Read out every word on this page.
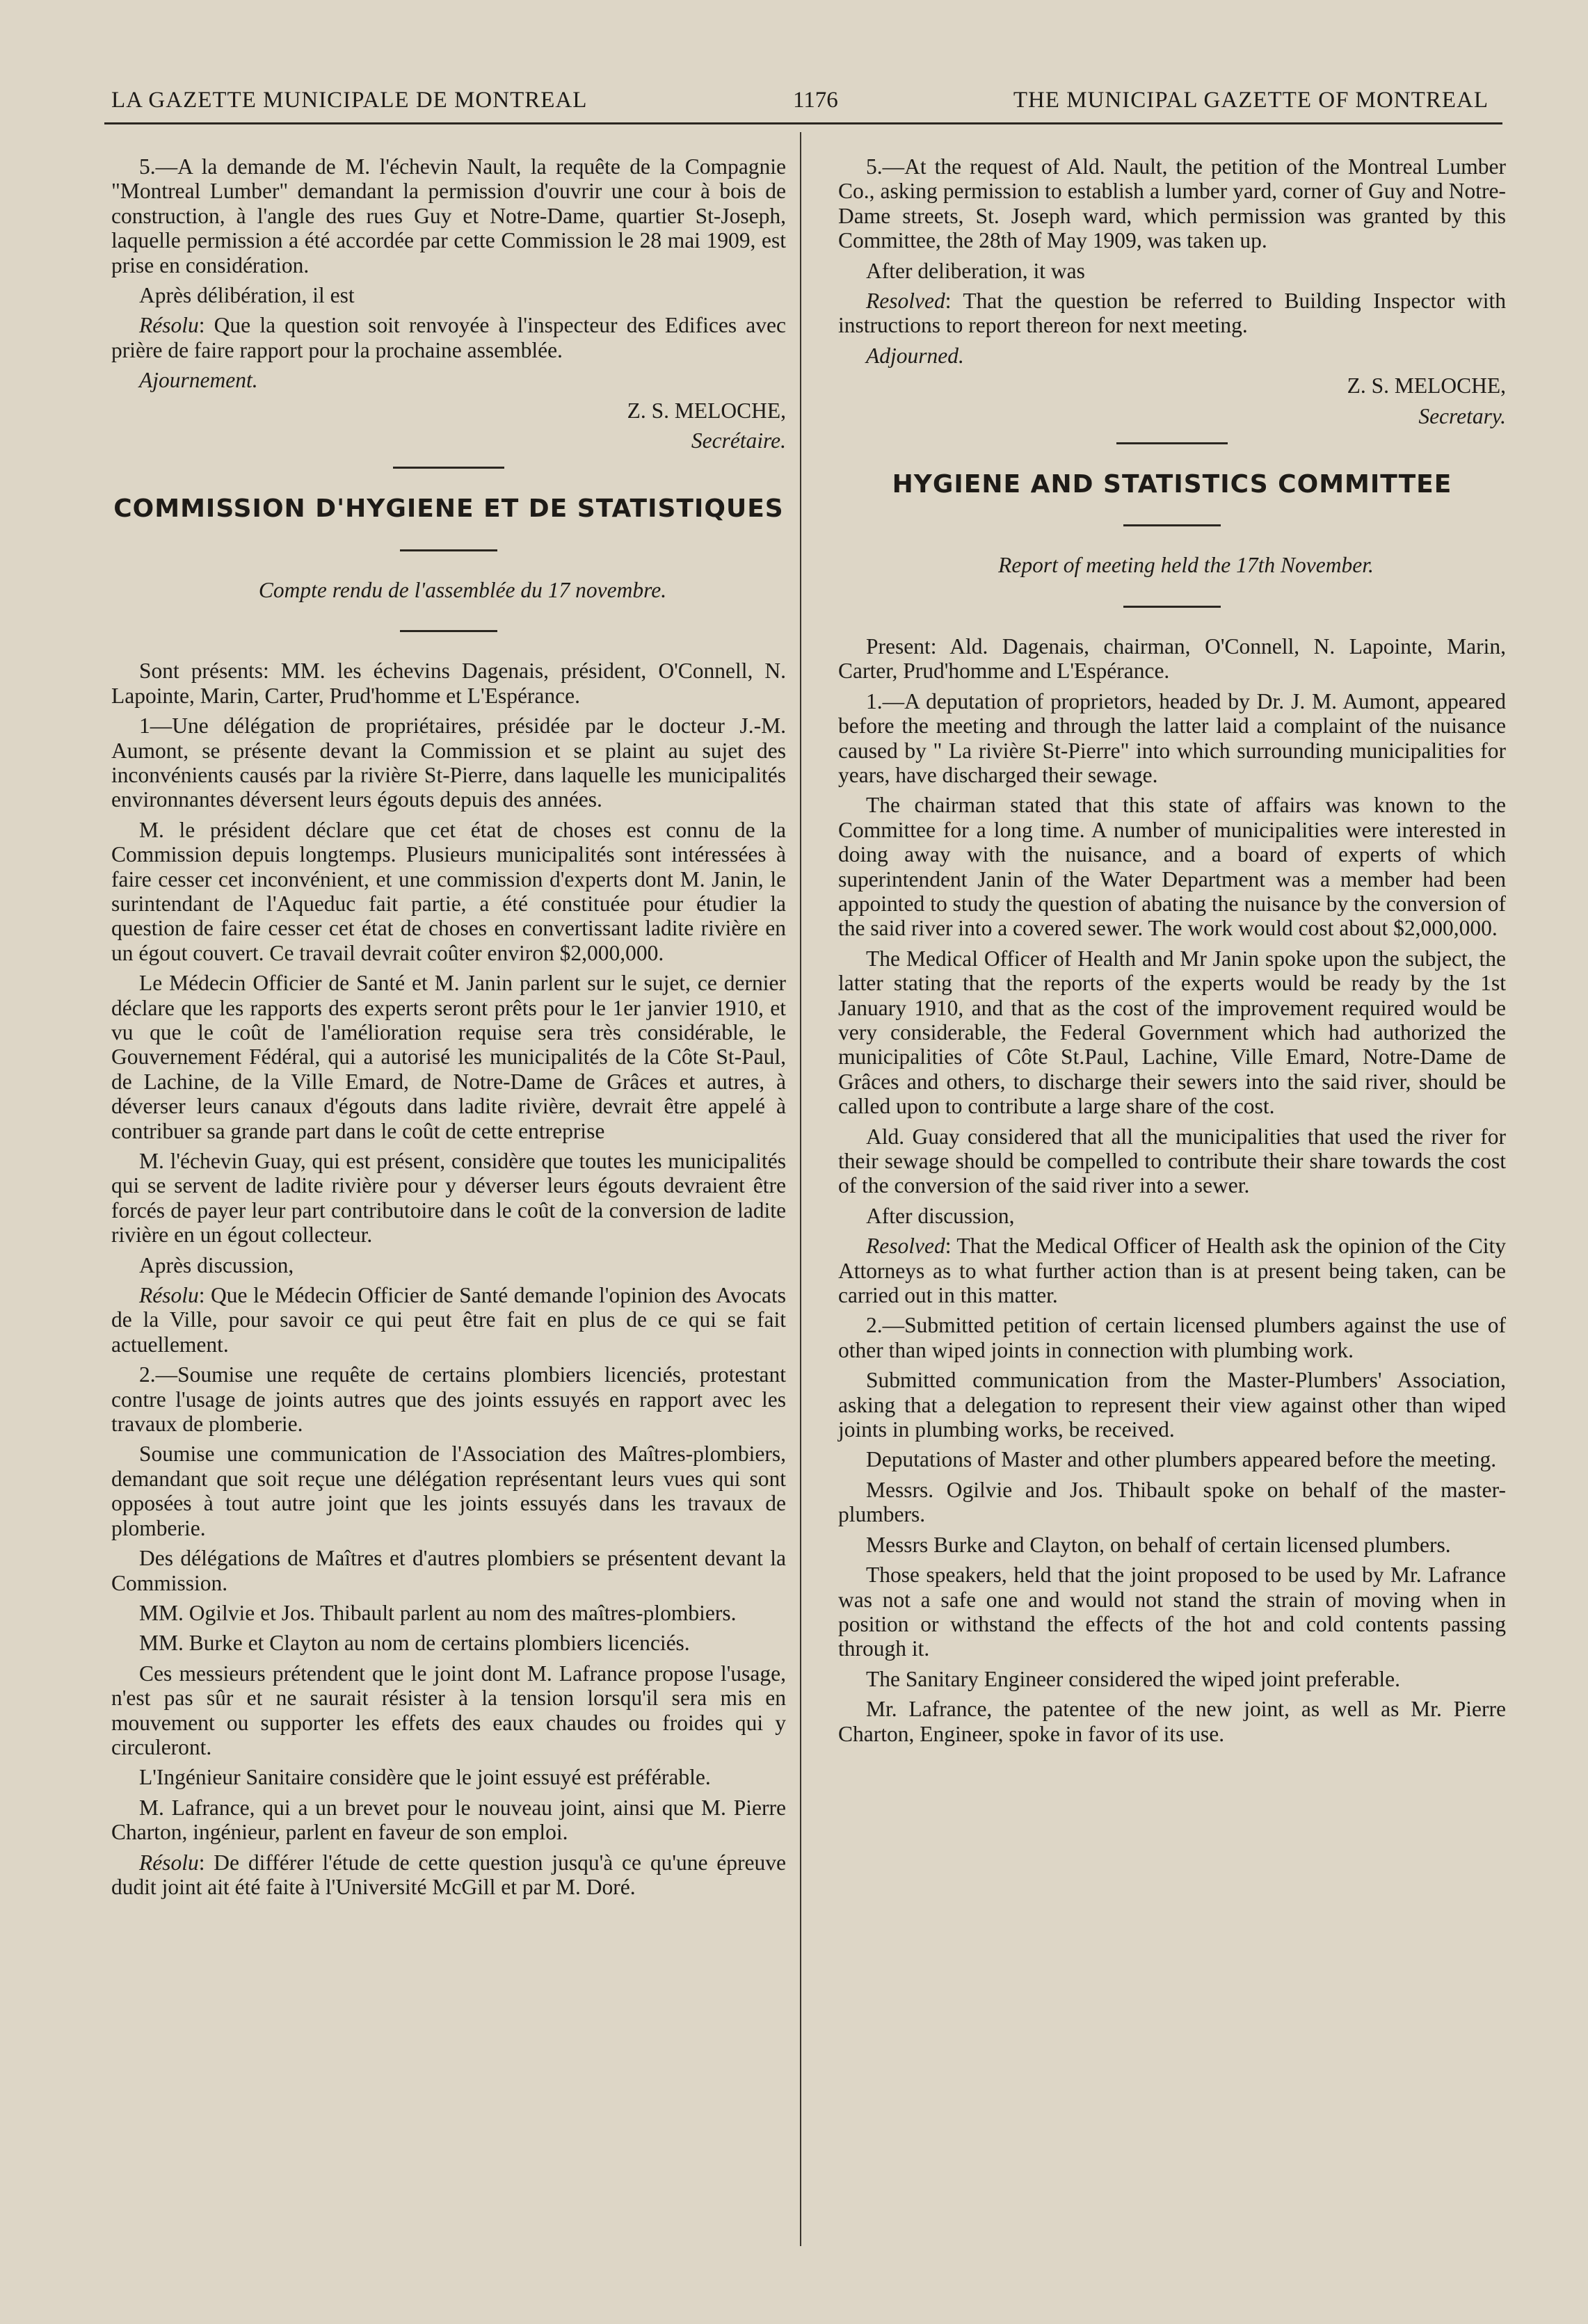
LA GAZETTE MUNICIPALE DE MONTREAL	1176	THE MUNICIPAL GAZETTE OF MONTREAL

5.—A la demande de M. l'échevin Nault, la requête de la Compagnie "Montreal Lumber" demandant la permission d'ouvrir une cour à bois de construction, à l'angle des rues Guy et Notre-Dame, quartier St-Joseph, laquelle permission a été accordée par cette Commission le 28 mai 1909, est prise en considération.

Après délibération, il est

Résolu: Que la question soit renvoyée à l'inspecteur des Edifices avec prière de faire rapport pour la prochaine assemblée.

Ajournement.

Z. S. MELOCHE,

Secrétaire.

COMMISSION D'HYGIENE ET DE STATISTIQUES

Compte rendu de l'assemblée du 17 novembre.

Sont présents: MM. les échevins Dagenais, président, O'Connell, N. Lapointe, Marin, Carter, Prud'homme et L'Espérance.

1—Une délégation de propriétaires, présidée par le docteur J.-M. Aumont, se présente devant la Commission et se plaint au sujet des inconvénients causés par la rivière St-Pierre, dans laquelle les municipalités environnantes déversent leurs égouts depuis des années.

M. le président déclare que cet état de choses est connu de la Commission depuis longtemps. Plusieurs municipalités sont intéressées à faire cesser cet inconvénient, et une commission d'experts dont M. Janin, le surintendant de l'Aqueduc fait partie, a été constituée pour étudier la question de faire cesser cet état de choses en convertissant ladite rivière en un égout couvert. Ce travail devrait coûter environ $2,000,000.

Le Médecin Officier de Santé et M. Janin parlent sur le sujet, ce dernier déclare que les rapports des experts seront prêts pour le 1er janvier 1910, et vu que le coût de l'amélioration requise sera très considérable, le Gouvernement Fédéral, qui a autorisé les municipalités de la Côte St-Paul, de Lachine, de la Ville Emard, de Notre-Dame de Grâces et autres, à déverser leurs canaux d'égouts dans ladite rivière, devrait être appelé à contribuer sa grande part dans le coût de cette entreprise

M. l'échevin Guay, qui est présent, considère que toutes les municipalités qui se servent de ladite rivière pour y déverser leurs égouts devraient être forcés de payer leur part contributoire dans le coût de la conversion de ladite rivière en un égout collecteur.

Après discussion,

Résolu: Que le Médecin Officier de Santé demande l'opinion des Avocats de la Ville, pour savoir ce qui peut être fait en plus de ce qui se fait actuellement.

2.—Soumise une requête de certains plombiers licenciés, protestant contre l'usage de joints autres que des joints essuyés en rapport avec les travaux de plomberie.

Soumise une communication de l'Association des Maîtres-plombiers, demandant que soit reçue une délégation représentant leurs vues qui sont opposées à tout autre joint que les joints essuyés dans les travaux de plomberie.

Des délégations de Maîtres et d'autres plombiers se présentent devant la Commission.

MM. Ogilvie et Jos. Thibault parlent au nom des maîtres-plombiers.

MM. Burke et Clayton au nom de certains plombiers licenciés.

Ces messieurs prétendent que le joint dont M. Lafrance propose l'usage, n'est pas sûr et ne saurait résister à la tension lorsqu'il sera mis en mouvement ou supporter les effets des eaux chaudes ou froides qui y circuleront.

L'Ingénieur Sanitaire considère que le joint essuyé est préférable.

M. Lafrance, qui a un brevet pour le nouveau joint, ainsi que M. Pierre Charton, ingénieur, parlent en faveur de son emploi.

Résolu: De différer l'étude de cette question jusqu'à ce qu'une épreuve dudit joint ait été faite à l'Université McGill et par M. Doré.

5.—At the request of Ald. Nault, the petition of the Montreal Lumber Co., asking permission to establish a lumber yard, corner of Guy and Notre-Dame streets, St. Joseph ward, which permission was granted by this Committee, the 28th of May 1909, was taken up.

After deliberation, it was

Resolved: That the question be referred to Building Inspector with instructions to report thereon for next meeting.

Adjourned.

Z. S. MELOCHE,

Secretary.

HYGIENE AND STATISTICS COMMITTEE

Report of meeting held the 17th November.

Present: Ald. Dagenais, chairman, O'Connell, N. Lapointe, Marin, Carter, Prud'homme and L'Espérance.

1.—A deputation of proprietors, headed by Dr. J. M. Aumont, appeared before the meeting and through the latter laid a complaint of the nuisance caused by " La rivière St-Pierre" into which surrounding municipalities for years, have discharged their sewage.

The chairman stated that this state of affairs was known to the Committee for a long time. A number of municipalities were interested in doing away with the nuisance, and a board of experts of which superintendent Janin of the Water Department was a member had been appointed to study the question of abating the nuisance by the conversion of the said river into a covered sewer. The work would cost about $2,000,000.

The Medical Officer of Health and Mr Janin spoke upon the subject, the latter stating that the reports of the experts would be ready by the 1st January 1910, and that as the cost of the improvement required would be very considerable, the Federal Government which had authorized the municipalities of Côte St.Paul, Lachine, Ville Emard, Notre-Dame de Grâces and others, to discharge their sewers into the said river, should be called upon to contribute a large share of the cost.

Ald. Guay considered that all the municipalities that used the river for their sewage should be compelled to contribute their share towards the cost of the conversion of the said river into a sewer.

After discussion,

Resolved: That the Medical Officer of Health ask the opinion of the City Attorneys as to what further action than is at present being taken, can be carried out in this matter.

2.—Submitted petition of certain licensed plumbers against the use of other than wiped joints in connection with plumbing work.

Submitted communication from the Master-Plumbers' Association, asking that a delegation to represent their view against other than wiped joints in plumbing works, be received.

Deputations of Master and other plumbers appeared before the meeting.

Messrs. Ogilvie and Jos. Thibault spoke on behalf of the master-plumbers.

Messrs Burke and Clayton, on behalf of certain licensed plumbers.

Those speakers, held that the joint proposed to be used by Mr. Lafrance was not a safe one and would not stand the strain of moving when in position or withstand the effects of the hot and cold contents passing through it.

The Sanitary Engineer considered the wiped joint preferable.

Mr. Lafrance, the patentee of the new joint, as well as Mr. Pierre Charton, Engineer, spoke in favor of its use.
